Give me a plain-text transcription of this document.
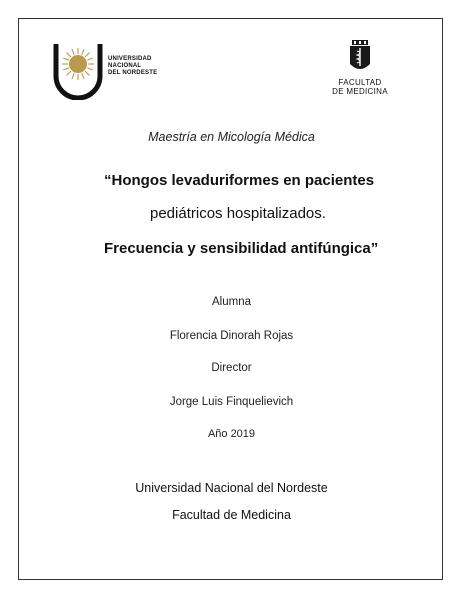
UNIVERSIDAD
NACIONAL
DEL NORDESTE
FACULTAD
DE MEDICINA
Maestría en Micología Médica
“Hongos levaduriformes en pacientes
pediátricos hospitalizados.
Frecuencia y sensibilidad antifúngica”
Alumna
Florencia Dinorah Rojas
Director
Jorge Luis Finquelievich
Año 2019
Universidad Nacional del Nordeste
Facultad de Medicina
